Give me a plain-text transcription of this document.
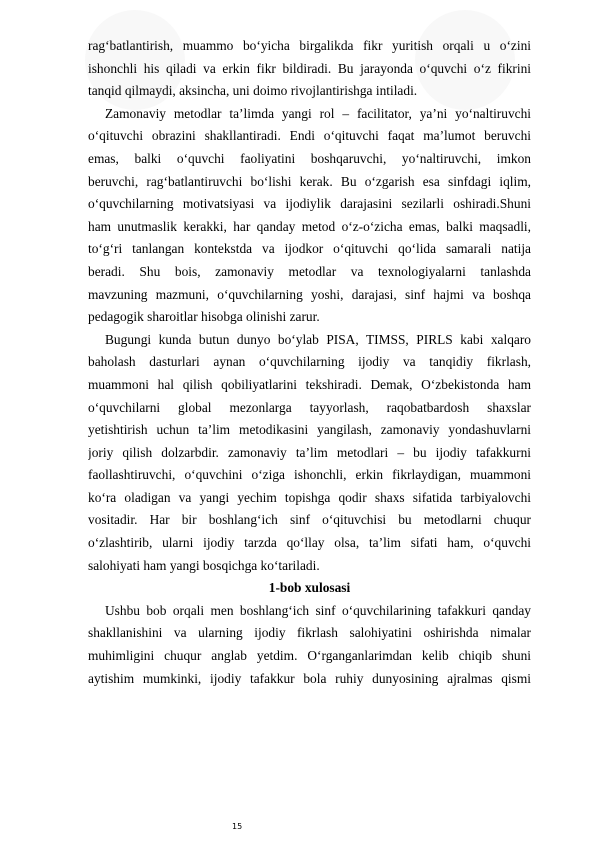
rag‘batlantirish, muammo bo‘yicha birgalikda fikr yuritish orqali u o‘zini
ishonchli his qiladi va erkin fikr bildiradi. Bu jarayonda o‘quvchi o‘z fikrini
tanqid qilmaydi, aksincha, uni doimo rivojlantirishga intiladi.
Zamonaviy metodlar ta’limda yangi rol – facilitator, ya’ni yo‘naltiruvchi
o‘qituvchi obrazini shakllantiradi. Endi o‘qituvchi faqat ma’lumot beruvchi
emas, balki o‘quvchi faoliyatini boshqaruvchi, yo‘naltiruvchi, imkon
beruvchi, rag‘batlantiruvchi bo‘lishi kerak. Bu o‘zgarish esa sinfdagi iqlim,
o‘quvchilarning motivatsiyasi va ijodiylik darajasini sezilarli oshiradi.Shuni
ham unutmaslik kerakki, har qanday metod o‘z-o‘zicha emas, balki maqsadli,
to‘g‘ri tanlangan kontekstda va ijodkor o‘qituvchi qo‘lida samarali natija
beradi. Shu bois, zamonaviy metodlar va texnologiyalarni tanlashda
mavzuning mazmuni, o‘quvchilarning yoshi, darajasi, sinf hajmi va boshqa
pedagogik sharoitlar hisobga olinishi zarur.
Bugungi kunda butun dunyo bo‘ylab PISA, TIMSS, PIRLS kabi xalqaro
baholash dasturlari aynan o‘quvchilarning ijodiy va tanqidiy fikrlash,
muammoni hal qilish qobiliyatlarini tekshiradi. Demak, O‘zbekistonda ham
o‘quvchilarni global mezonlarga tayyorlash, raqobatbardosh shaxslar
yetishtirish uchun ta’lim metodikasini yangilash, zamonaviy yondashuvlarni
joriy qilish dolzarbdir. zamonaviy ta’lim metodlari – bu ijodiy tafakkurni
faollashtiruvchi, o‘quvchini o‘ziga ishonchli, erkin fikrlaydigan, muammoni
ko‘ra oladigan va yangi yechim topishga qodir shaxs sifatida tarbiyalovchi
vositadir. Har bir boshlang‘ich sinf o‘qituvchisi bu metodlarni chuqur
o‘zlashtirib, ularni ijodiy tarzda qo‘llay olsa, ta’lim sifati ham, o‘quvchi
salohiyati ham yangi bosqichga ko‘tariladi.
1-bob xulosasi
Ushbu bob orqali men boshlang‘ich sinf o‘quvchilarining tafakkuri qanday
shakllanishini va ularning ijodiy fikrlash salohiyatini oshirishda nimalar
muhimligini chuqur anglab yetdim. O‘rganganlarimdan kelib chiqib shuni
aytishim mumkinki, ijodiy tafakkur bola ruhiy dunyosining ajralmas qismi
15
